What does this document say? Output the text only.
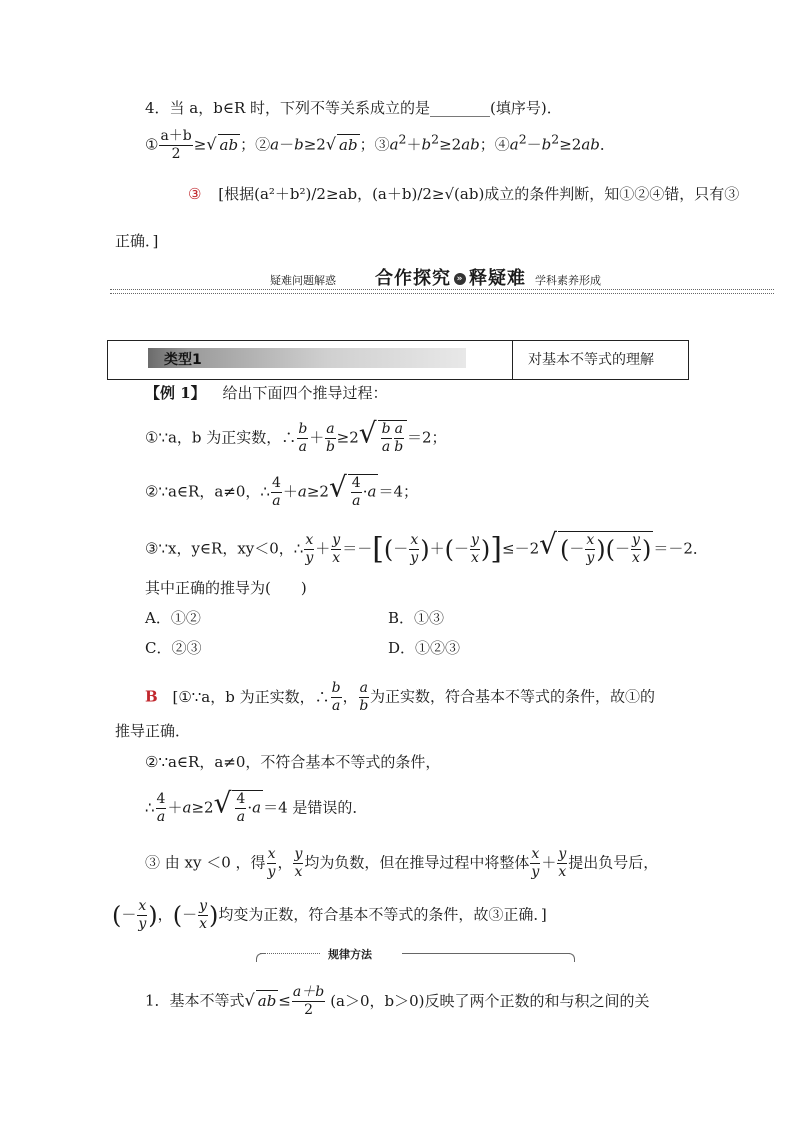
4．当 a，b∈R 时，下列不等关系成立的是________(填序号)．
① $\frac{a+b}{2}$ ≥√ ab ；②a－b≥2√ ab ；$③a^2+b^2\ge 2ab$；$④a^2-b^2\ge 2ab$．
③ [根据(a²＋b²)/2≥ab，(a＋b)/2≥√(ab)成立的条件判断，知①②④错，只有③
正确．]
疑难问题解惑 合作探究 » 释疑难 学科素养形成
类型1	对基本不等式的理解
【例 1】 给出下面四个推导过程：
①∵a，b 为正实数，∴ $\frac{b}{a} + \frac{a}{b} \ge 2√ \frac{b}{a} \frac{a}{b} =2$；
②∵a∈R，a≠0，∴ $\frac{4}{a} +a\ge 2√ \frac{4}{a} \cdot a =4$；
③∵x，y∈R，xy＜0，∴ $\frac{x}{y} + \frac{y}{x}$ ＝－[(－ $\frac{x}{y}$ )＋(－ $\frac{y}{x} )]\le-2√$ (－ $\frac{x}{y}$ )(－ $\frac{y}{x}$ ) ＝－2．
其中正确的推导为(　　)
A．①②	B．①③
C．②③	D．①②③
B [①∵a，b 为正实数，∴ $\frac{b}{a}$ ， $\frac{a}{b}$ 为正实数，符合基本不等式的条件，故①的
推导正确．
②∵a∈R，a≠0，不符合基本不等式的条件，
∴ $\frac{4}{a} +a\ge 2√ \frac{4}{a} \cdot a =4$ 是错误的．
③ 由 xy ＜0 ，得 $\frac{x}{y}$ ， $\frac{y}{x}$ 均为负数，但在推导过程中将整体 $\frac{x}{y} + \frac{y}{x}$ 提出负号后，
(－ $\frac{x}{y}$ )，(－ $\frac{y}{x}$ )均变为正数，符合基本不等式的条件，故③正确．]
规律方法
1．基本不等式√ ab ≤ $\frac{a+b}{2} (a>0$，b＞0)反映了两个正数的和与积之间的关
